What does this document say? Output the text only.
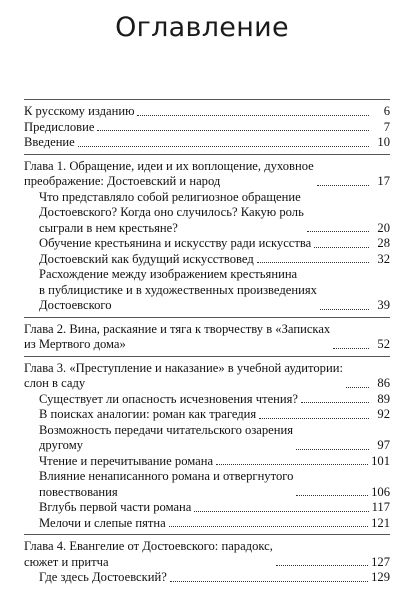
Оглавление
К русскому изданию	6
Предисловие	7
Введение	10
Глава 1. Обращение, идеи и их воплощение, духовное
преображение: Достоевский и народ	17
Что представляло собой религиозное обращение
Достоевского? Когда оно случилось? Какую роль
сыграли в нем крестьяне?	20
Обучение крестьянина и искусству ради искусства	28
Достоевский как будущий искусствовед	32
Расхождение между изображением крестьянина
в публицистике и в художественных произведениях
Достоевского	39
Глава 2. Вина, раскаяние и тяга к творчеству в «Записках
из Мертвого дома»	52
Глава 3. «Преступление и наказание» в учебной аудитории:
слон в саду	86
Существует ли опасность исчезновения чтения?	89
В поисках аналогии: роман как трагедия	92
Возможность передачи читательского озарения
другому	97
Чтение и перечитывание романа	101
Влияние ненаписанного романа и отвергнутого
повествования	106
Вглубь первой части романа	117
Мелочи и слепые пятна	121
Глава 4. Евангелие от Достоевского: парадокс,
сюжет и притча	127
Где здесь Достоевский?	129
